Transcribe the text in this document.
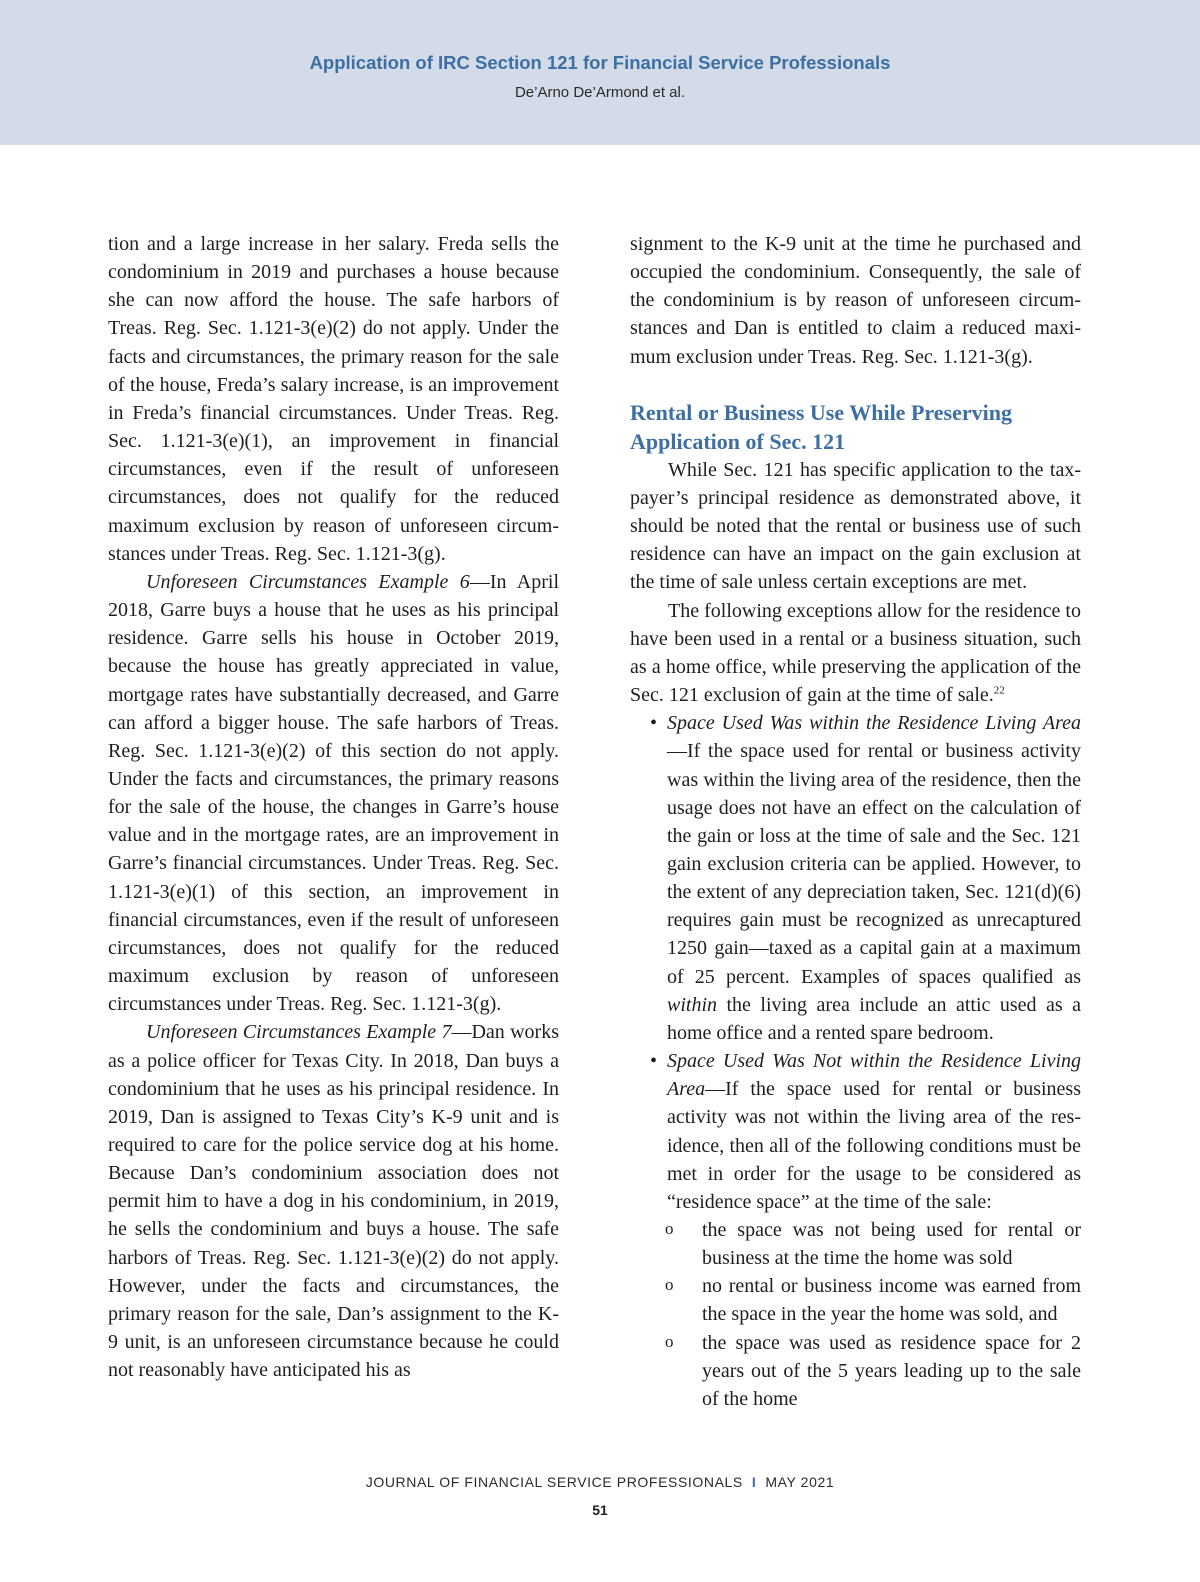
Application of IRC Section 121 for Financial Service Professionals
De’Arno De’Armond et al.

tion and a large increase in her salary. Freda sells the condominium in 2019 and purchases a house because she can now afford the house. The safe harbors of Treas. Reg. Sec. 1.121-3(e)(2) do not apply. Under the facts and circumstances, the primary reason for the sale of the house, Freda’s salary increase, is an improvement in Freda’s financial circumstances. Under Treas. Reg. Sec. 1.121-3(e)(1), an improvement in financial circumstances, even if the result of unforeseen circumstances, does not qualify for the reduced maximum exclusion by reason of unforeseen circumstances under Treas. Reg. Sec. 1.121-3(g).

Unforeseen Circumstances Example 6—In April 2018, Garre buys a house that he uses as his principal residence. Garre sells his house in October 2019, because the house has greatly appreciated in value, mortgage rates have substantially decreased, and Garre can afford a bigger house. The safe harbors of Treas. Reg. Sec. 1.121-3(e)(2) of this section do not apply. Under the facts and circumstances, the primary reasons for the sale of the house, the changes in Garre’s house value and in the mortgage rates, are an improvement in Garre’s financial circumstances. Under Treas. Reg. Sec. 1.121-3(e)(1) of this section, an improvement in financial circumstances, even if the result of unforeseen circumstances, does not qualify for the reduced maximum exclusion by reason of unforeseen circumstances under Treas. Reg. Sec. 1.121-3(g).

Unforeseen Circumstances Example 7—Dan works as a police officer for Texas City. In 2018, Dan buys a condominium that he uses as his principal residence. In 2019, Dan is assigned to Texas City’s K-9 unit and is required to care for the police service dog at his home. Because Dan’s condominium association does not permit him to have a dog in his condominium, in 2019, he sells the condominium and buys a house. The safe harbors of Treas. Reg. Sec. 1.121-3(e)(2) do not apply. However, under the facts and circumstances, the primary reason for the sale, Dan’s assignment to the K-9 unit, is an unforeseen circumstance because he could not reasonably have anticipated his as

signment to the K-9 unit at the time he purchased and occupied the condominium. Consequently, the sale of the condominium is by reason of unforeseen circumstances and Dan is entitled to claim a reduced maximum exclusion under Treas. Reg. Sec. 1.121-3(g).

Rental or Business Use While Preserving Application of Sec. 121

While Sec. 121 has specific application to the taxpayer’s principal residence as demonstrated above, it should be noted that the rental or business use of such residence can have an impact on the gain exclusion at the time of sale unless certain exceptions are met.

The following exceptions allow for the residence to have been used in a rental or a business situation, such as a home office, while preserving the application of the Sec. 121 exclusion of gain at the time of sale.$^{22}$

• Space Used Was within the Residence Living Area—If the space used for rental or business activity was within the living area of the residence, then the usage does not have an effect on the calculation of the gain or loss at the time of sale and the Sec. 121 gain exclusion criteria can be applied. However, to the extent of any depreciation taken, Sec. 121(d)(6) requires gain must be recognized as unrecaptured 1250 gain—taxed as a capital gain at a maximum of 25 percent. Examples of spaces qualified as within the living area include an attic used as a home office and a rented spare bedroom.

• Space Used Was Not within the Residence Living Area—If the space used for rental or business activity was not within the living area of the residence, then all of the following conditions must be met in order for the usage to be considered as “residence space” at the time of the sale:

o the space was not being used for rental or business at the time the home was sold

o no rental or business income was earned from the space in the year the home was sold, and

o the space was used as residence space for 2 years out of the 5 years leading up to the sale of the home

JOURNAL OF FINANCIAL SERVICE PROFESSIONALS I MAY 2021
51
